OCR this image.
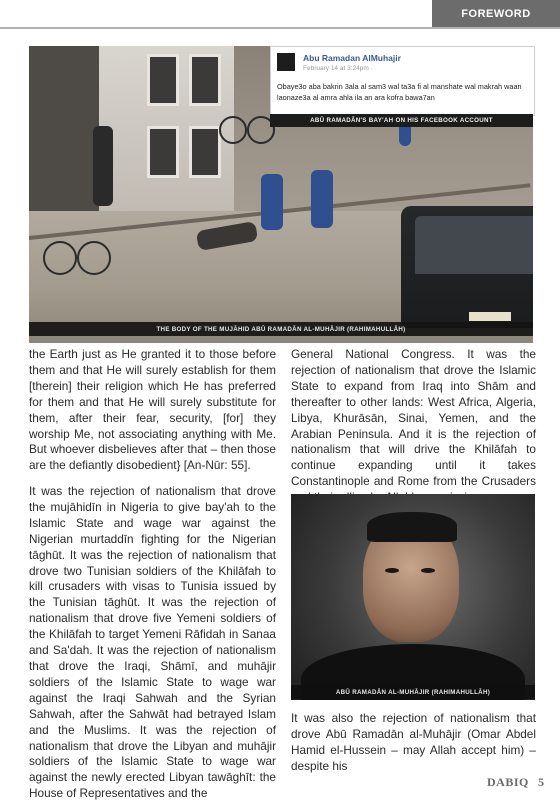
FOREWORD
Abu Ramadan AlMuhajir
February 14 at 3:24pm ·
Obaye3o aba bakrin 3ala al sam3 wal ta3a fi al manshate wal makrah waan laonaze3a al amra ahla ila an ara kofra bawa7an
ABŪ RAMADĀN'S BAY'AH ON HIS FACEBOOK ACCOUNT
THE BODY OF THE MUJĀHID ABŪ RAMADĀN AL-MUHĀJIR (RAHIMAHULLĀH)

the Earth just as He granted it to those before them and that He will surely establish for them [therein] their religion which He has preferred for them and that He will surely substitute for them, after their fear, security, [for] they worship Me, not associating anything with Me. But whoever disbelieves after that – then those are the defiantly disobedient} [An-Nūr: 55].

It was the rejection of nationalism that drove the mujāhidīn in Nigeria to give bay'ah to the Islamic State and wage war against the Nigerian murtaddīn fighting for the Nigerian tāghūt. It was the rejection of nationalism that drove two Tunisian soldiers of the Khilāfah to kill crusaders with visas to Tunisia issued by the Tunisian tāghūt. It was the rejection of nationalism that drove five Yemeni soldiers of the Khilāfah to target Yemeni Rāfidah in Sanaa and Sa'dah. It was the rejection of nationalism that drove the Iraqi, Shāmī, and muhājir soldiers of the Islamic State to wage war against the Iraqi Sahwah and the Syrian Sahwah, after the Sahwāt had betrayed Islam and the Muslims. It was the rejection of nationalism that drove the Libyan and muhājir soldiers of the Islamic State to wage war against the newly erected Libyan tawāghīt: the House of Representatives and the

General National Congress. It was the rejection of nationalism that drove the Islamic State to expand from Iraq into Shām and thereafter to other lands: West Africa, Algeria, Libya, Khurāsān, Sinai, Yemen, and the Arabian Peninsula. And it is the rejection of nationalism that will drive the Khilāfah to continue expanding until it takes Constantinople and Rome from the Crusaders

ABŪ RAMADĀN AL-MUHĀJIR (RAHIMAHULLĀH)

It was also the rejection of nationalism that drove Abū Ramadān al-Muhājir (Omar Abdel Hamid el-Hussein – may Allah accept him) – despite his

DABIQ 5
